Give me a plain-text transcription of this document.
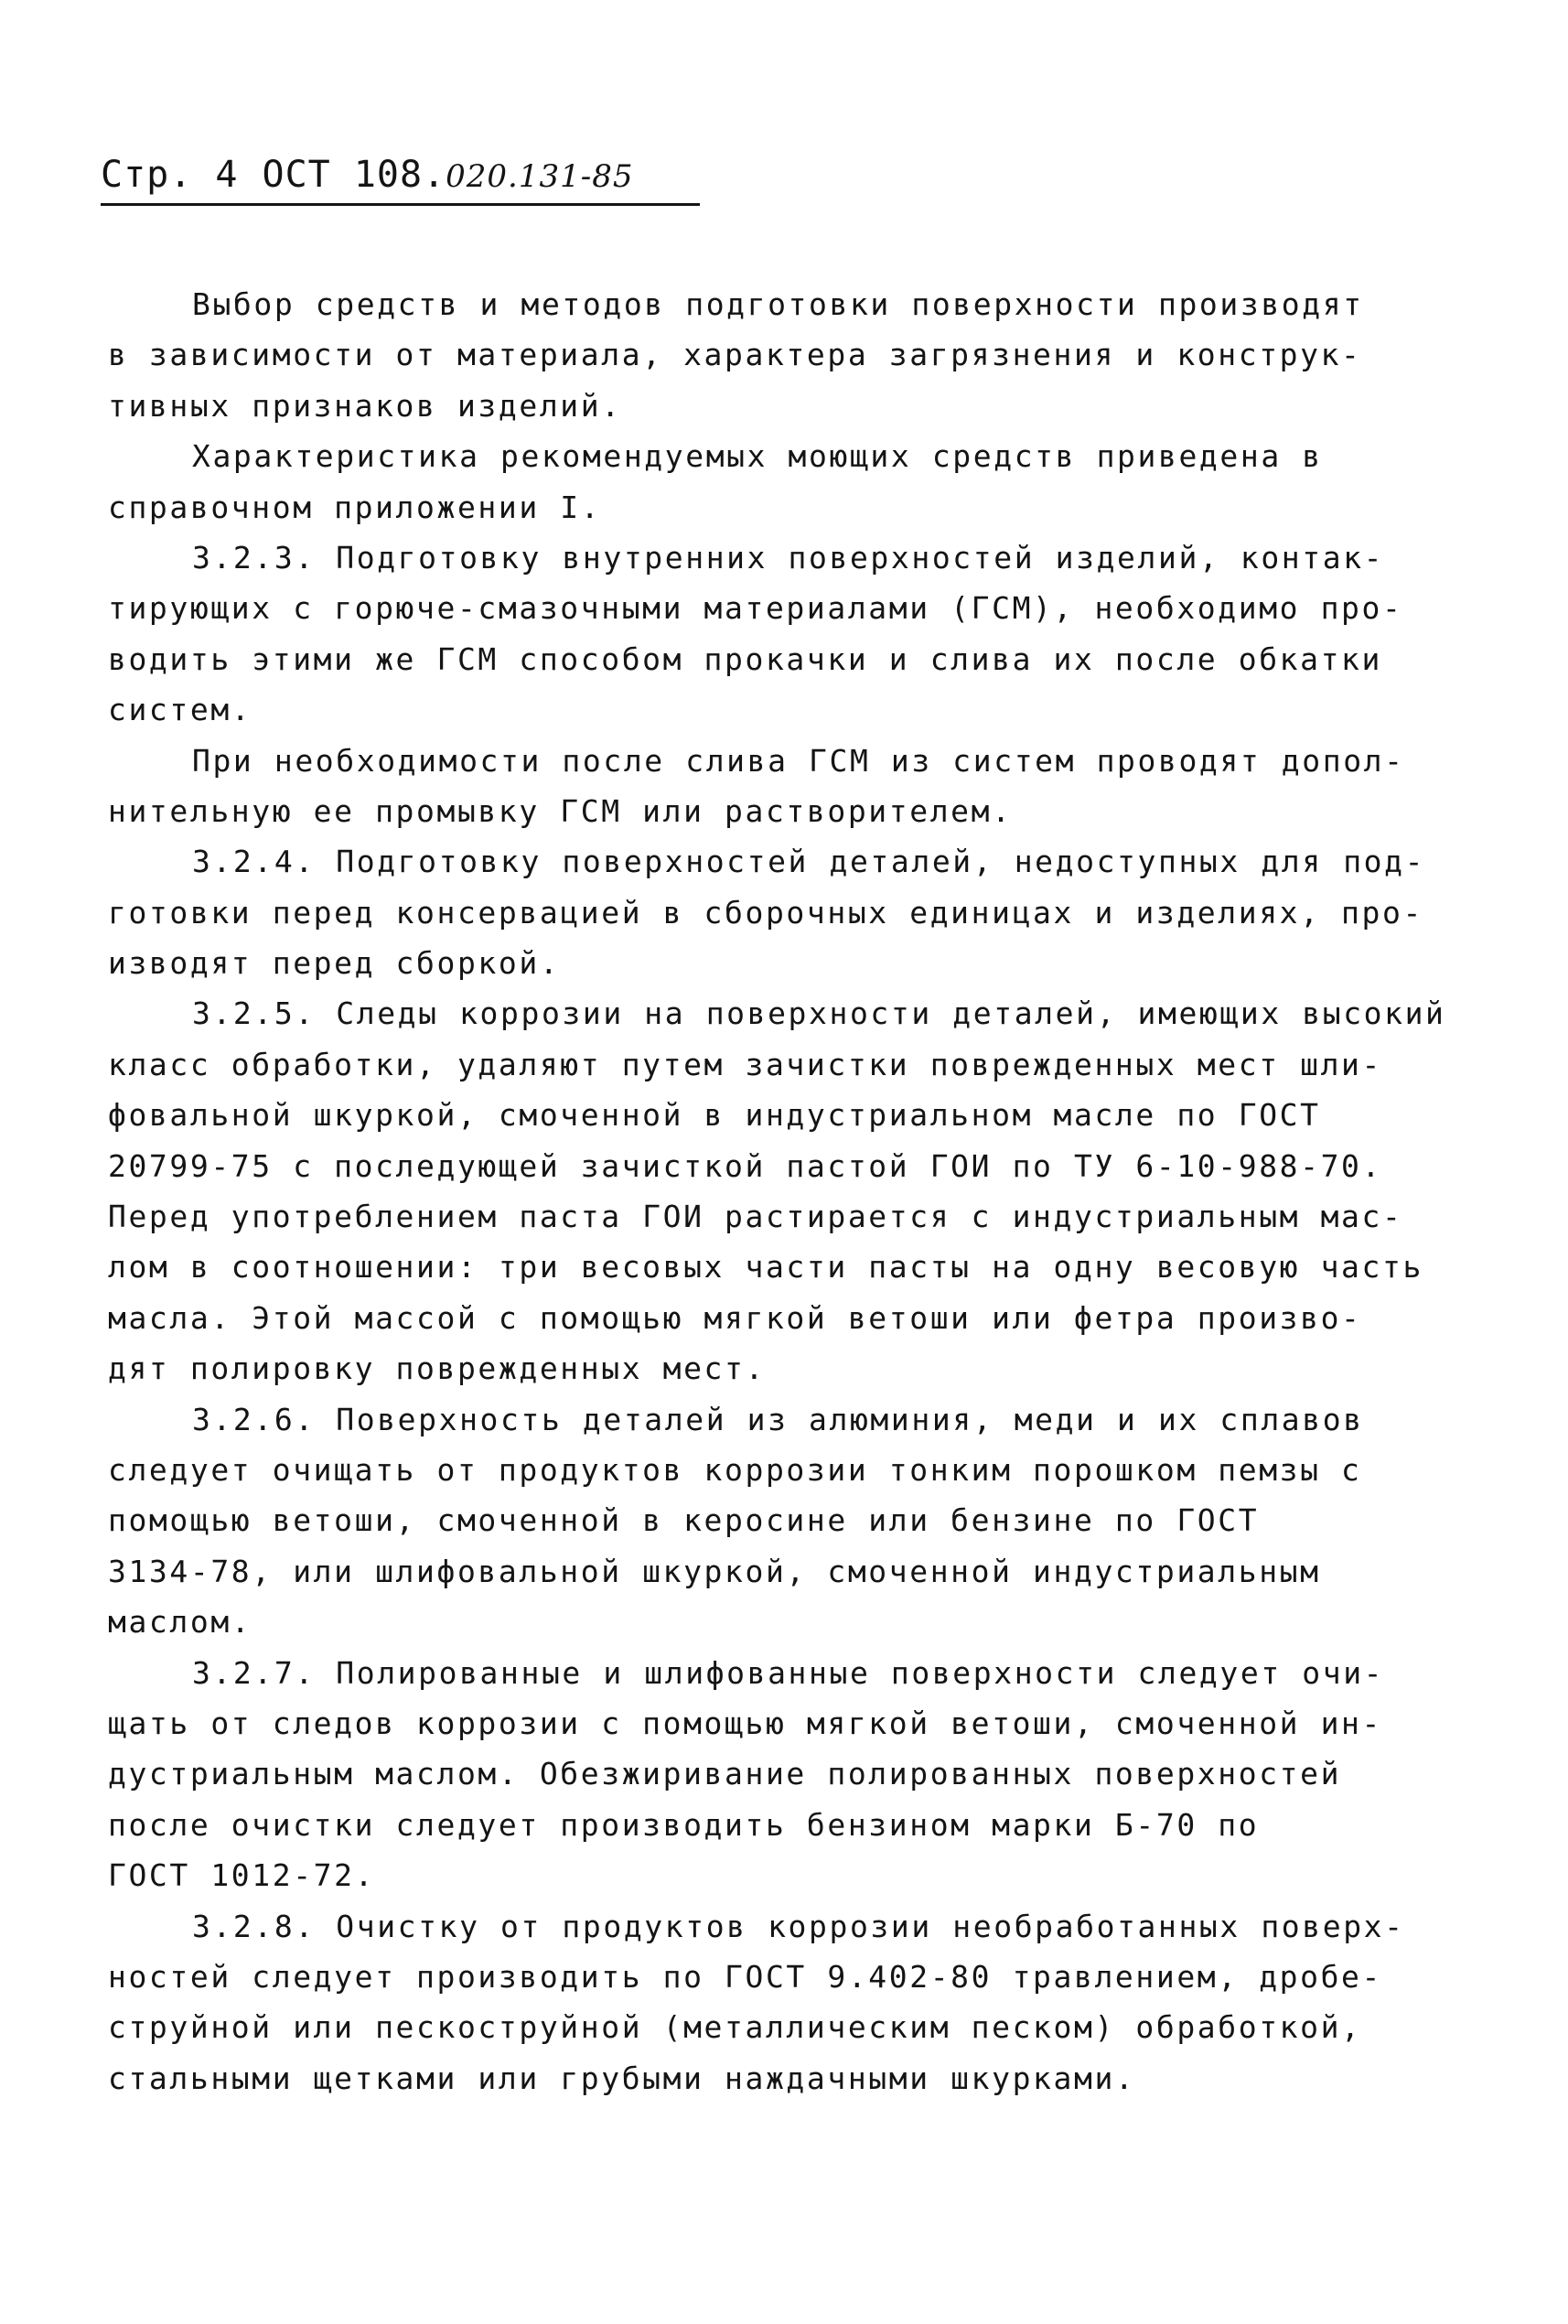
Стр. 4 ОСТ 108.020.131-85
Выбор средств и методов подготовки поверхности производят
в зависимости от материала, характера загрязнения и конструк-
тивных признаков изделий.
Характеристика рекомендуемых моющих средств приведена в
справочном приложении I.
3.2.3. Подготовку внутренних поверхностей изделий, контак-
тирующих с горюче-смазочными материалами (ГСМ), необходимо про-
водить этими же ГСМ способом прокачки и слива их после обкатки
систем.
При необходимости после слива ГСМ из систем проводят допол-
нительную ее промывку ГСМ или растворителем.
3.2.4. Подготовку поверхностей деталей, недоступных для под-
готовки перед консервацией в сборочных единицах и изделиях, про-
изводят перед сборкой.
3.2.5. Следы коррозии на поверхности деталей, имеющих высокий
класс обработки, удаляют путем зачистки поврежденных мест шли-
фовальной шкуркой, смоченной в индустриальном масле по ГОСТ
20799-75 с последующей зачисткой пастой ГОИ по ТУ 6-10-988-70.
Перед употреблением паста ГОИ растирается с индустриальным мас-
лом в соотношении: три весовых части пасты на одну весовую часть
масла. Этой массой с помощью мягкой ветоши или фетра произво-
дят полировку поврежденных мест.
3.2.6. Поверхность деталей из алюминия, меди и их сплавов
следует очищать от продуктов коррозии тонким порошком пемзы с
помощью ветоши, смоченной в керосине или бензине по ГОСТ
3134-78, или шлифовальной шкуркой, смоченной индустриальным
маслом.
3.2.7. Полированные и шлифованные поверхности следует очи-
щать от следов коррозии с помощью мягкой ветоши, смоченной ин-
дустриальным маслом. Обезжиривание полированных поверхностей
после очистки следует производить бензином марки Б-70 по
ГОСТ 1012-72.
3.2.8. Очистку от продуктов коррозии необработанных поверх-
ностей следует производить по ГОСТ 9.402-80 травлением, дробе-
струйной или пескоструйной (металлическим песком) обработкой,
стальными щетками или грубыми наждачными шкурками.
